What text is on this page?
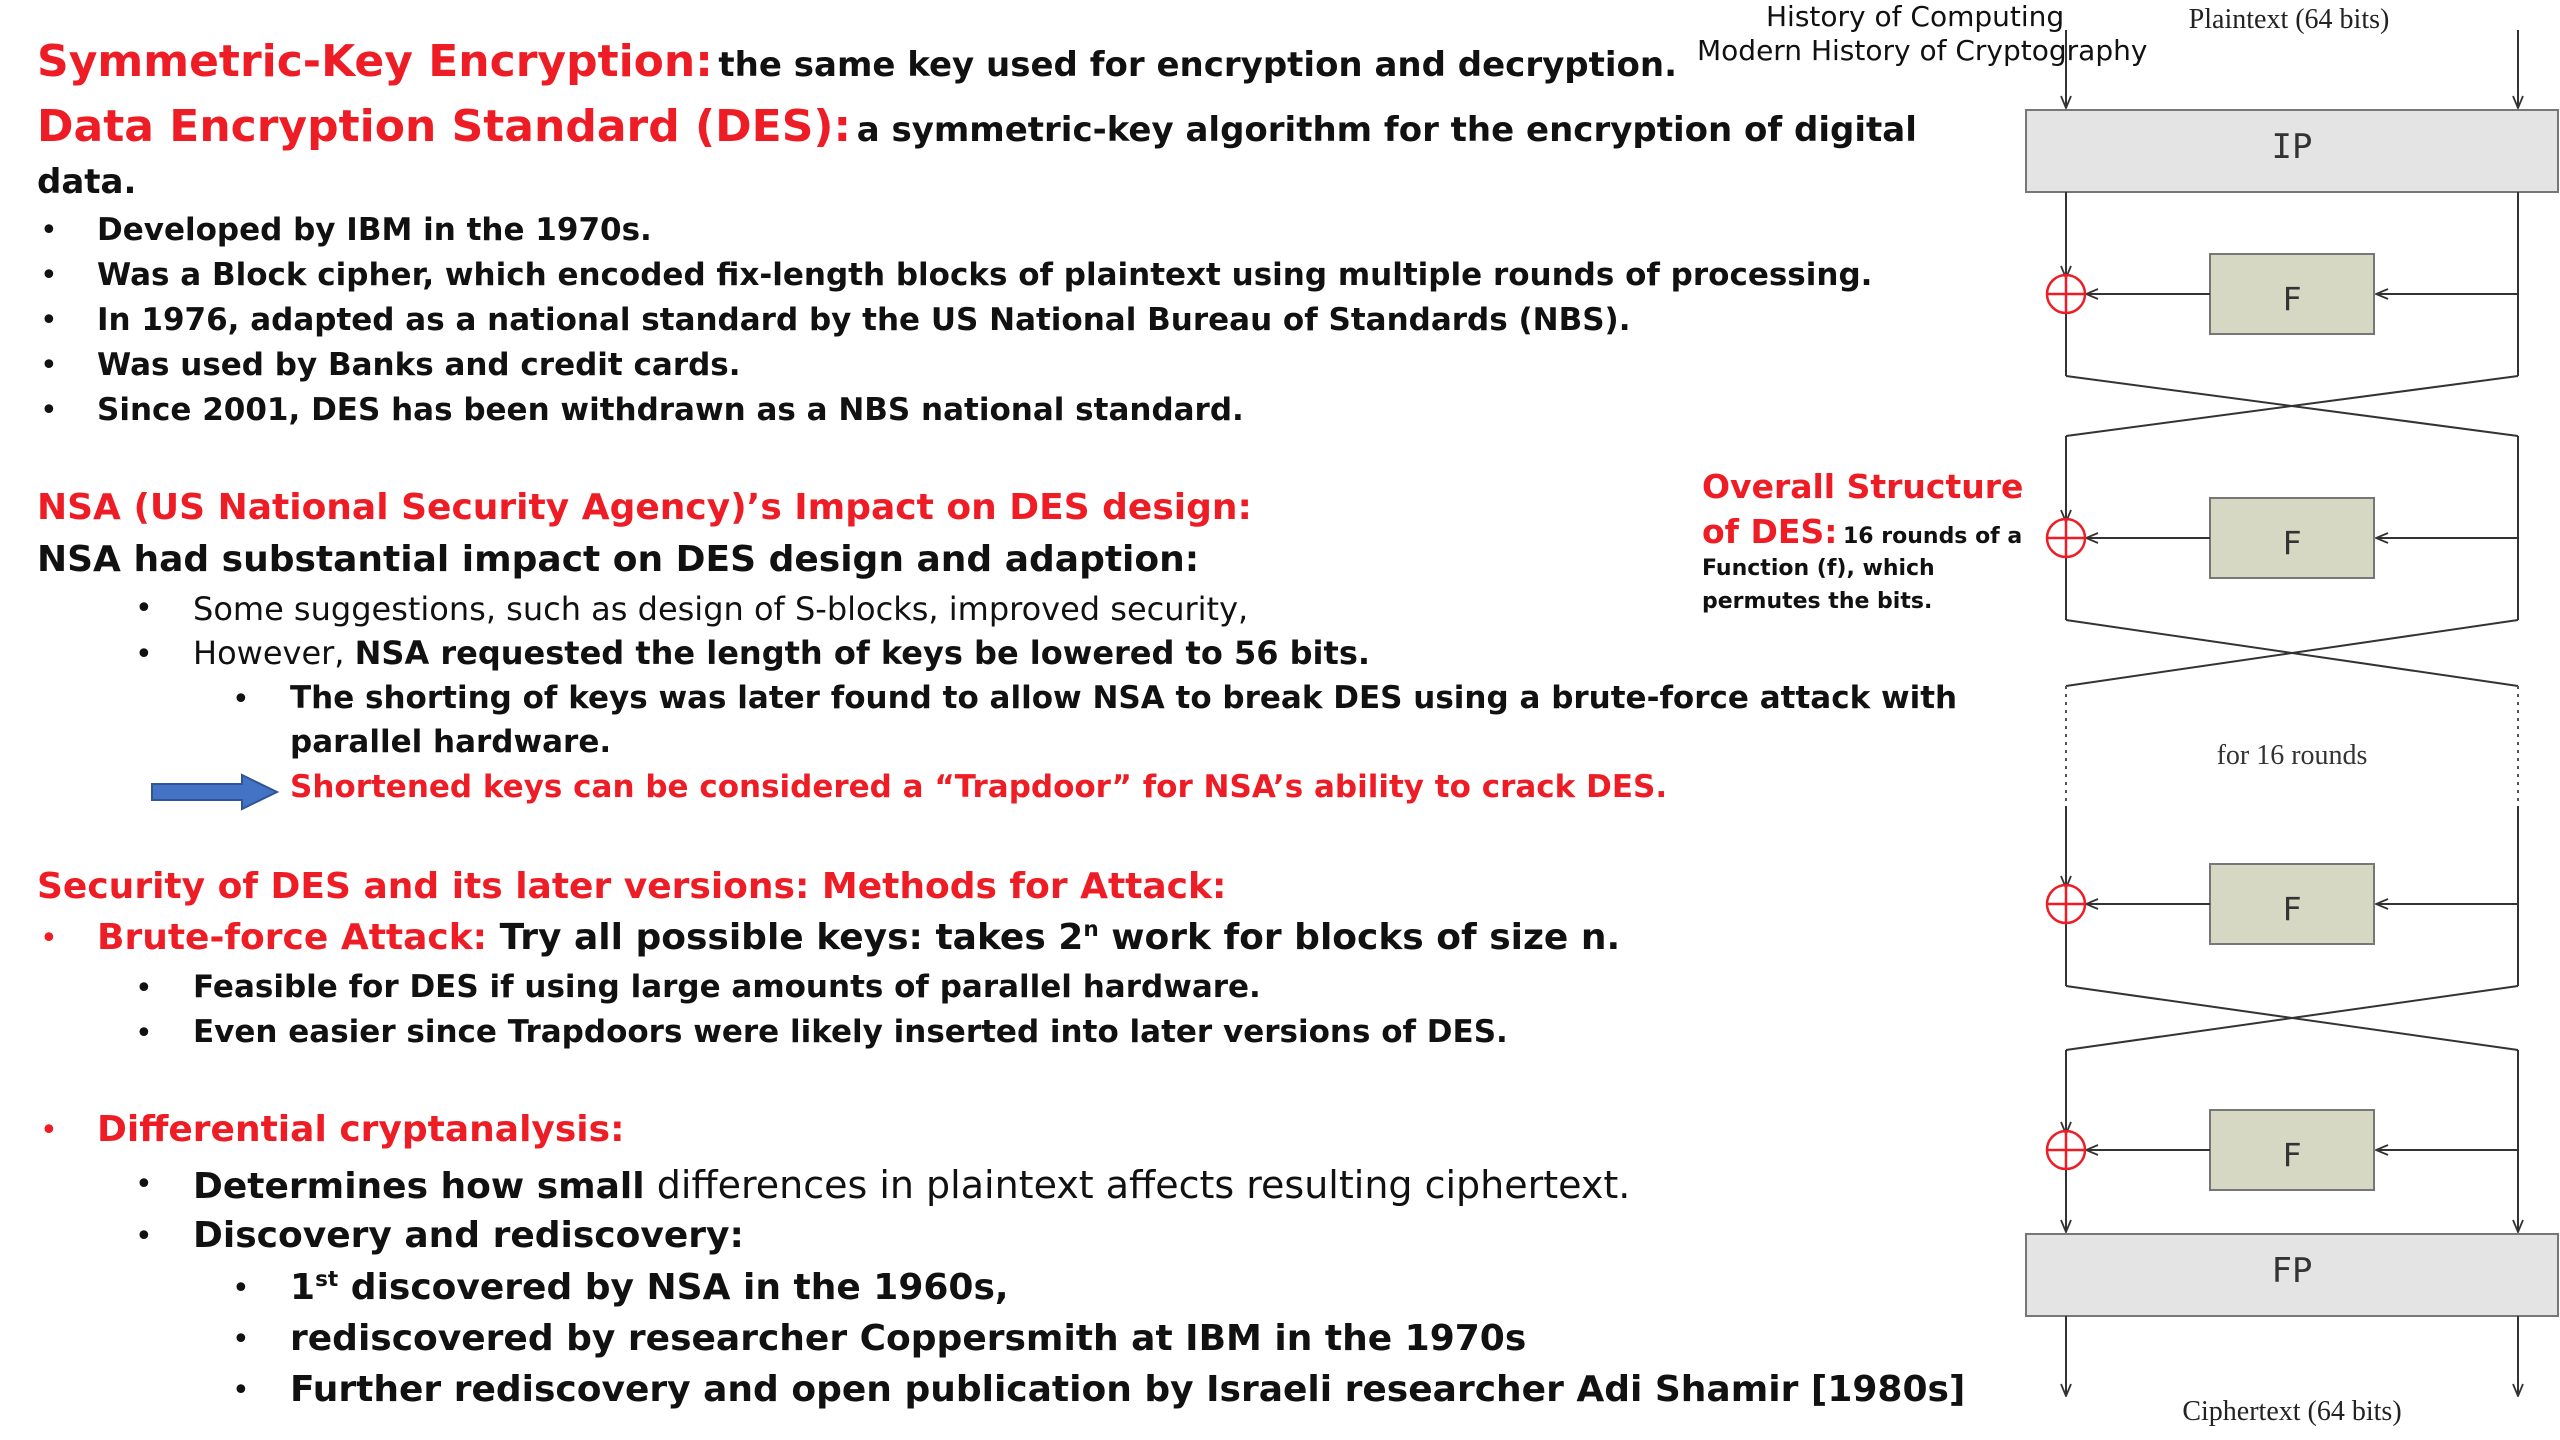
History of Computing
Modern History of Cryptography
Symmetric-Key Encryption: the same key used for encryption and decryption.
Data Encryption Standard (DES): a symmetric-key algorithm for the encryption of digital
data.
• Developed by IBM in the 1970s.
• Was a Block cipher, which encoded fix-length blocks of plaintext using multiple rounds of processing.
• In 1976, adapted as a national standard by the US National Bureau of Standards (NBS).
• Was used by Banks and credit cards.
• Since 2001, DES has been withdrawn as a NBS national standard.
NSA (US National Security Agency)’s Impact on DES design:
NSA had substantial impact on DES design and adaption:
• Some suggestions, such as design of S-blocks, improved security,
• However, NSA requested the length of keys be lowered to 56 bits.
• The shorting of keys was later found to allow NSA to break DES using a brute-force attack with
parallel hardware.
Shortened keys can be considered a “Trapdoor” for NSA’s ability to crack DES.
Security of DES and its later versions: Methods for Attack:
• Brute-force Attack: Try all possible keys: takes 2$^n$ work for blocks of size n.
• Feasible for DES if using large amounts of parallel hardware.
• Even easier since Trapdoors were likely inserted into later versions of DES.
• Differential cryptanalysis:
• Determines how small differences in plaintext affects resulting ciphertext.
• Discovery and rediscovery:
• 1st discovered by NSA in the 1960s,
• rediscovered by researcher Coppersmith at IBM in the 1970s
• Further rediscovery and open publication by Israeli researcher Adi Shamir [1980s]
Overall Structure
of DES: 16 rounds of a
Function (f), which
permutes the bits.
Plaintext (64 bits)
IP
F
F
for 16 rounds
F
F
FP
Ciphertext (64 bits)
